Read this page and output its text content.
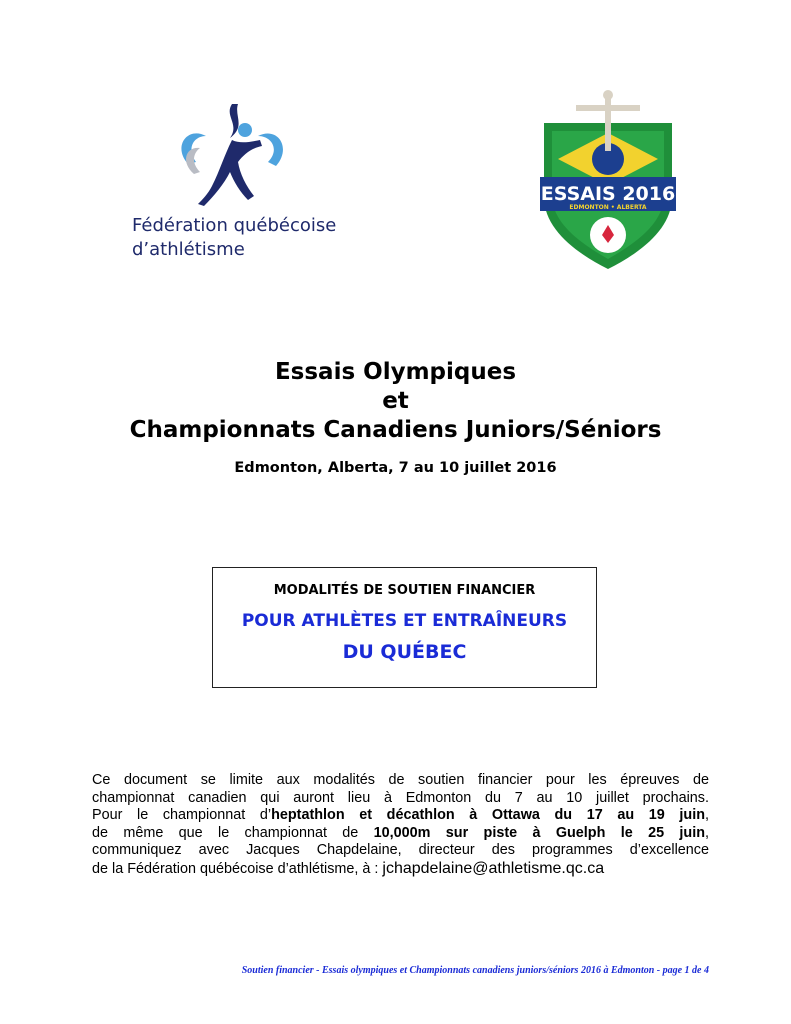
Fédération québécoise
d’athlétisme
ESSAIS 2016
EDMONTON • ALBERTA
Essais Olympiques
et
Championnats Canadiens Juniors/Séniors
Edmonton, Alberta, 7 au 10 juillet 2016
MODALITÉS DE SOUTIEN FINANCIER
POUR ATHLÈTES ET ENTRAÎNEURS
DU QUÉBEC
Ce document se limite aux modalités de soutien financier pour les épreuves de
championnat canadien qui auront lieu à Edmonton du 7 au 10 juillet prochains.
Pour le championnat d’heptathlon et décathlon à Ottawa du 17 au 19 juin,
de même que le championnat de 10,000m sur piste à Guelph le 25 juin,
communiquez avec Jacques Chapdelaine, directeur des programmes d’excellence
de la Fédération québécoise d’athlétisme, à : jchapdelaine@athletisme.qc.ca
Soutien financier - Essais olympiques et Championnats canadiens juniors/séniors 2016 à Edmonton - page 1 de 4
